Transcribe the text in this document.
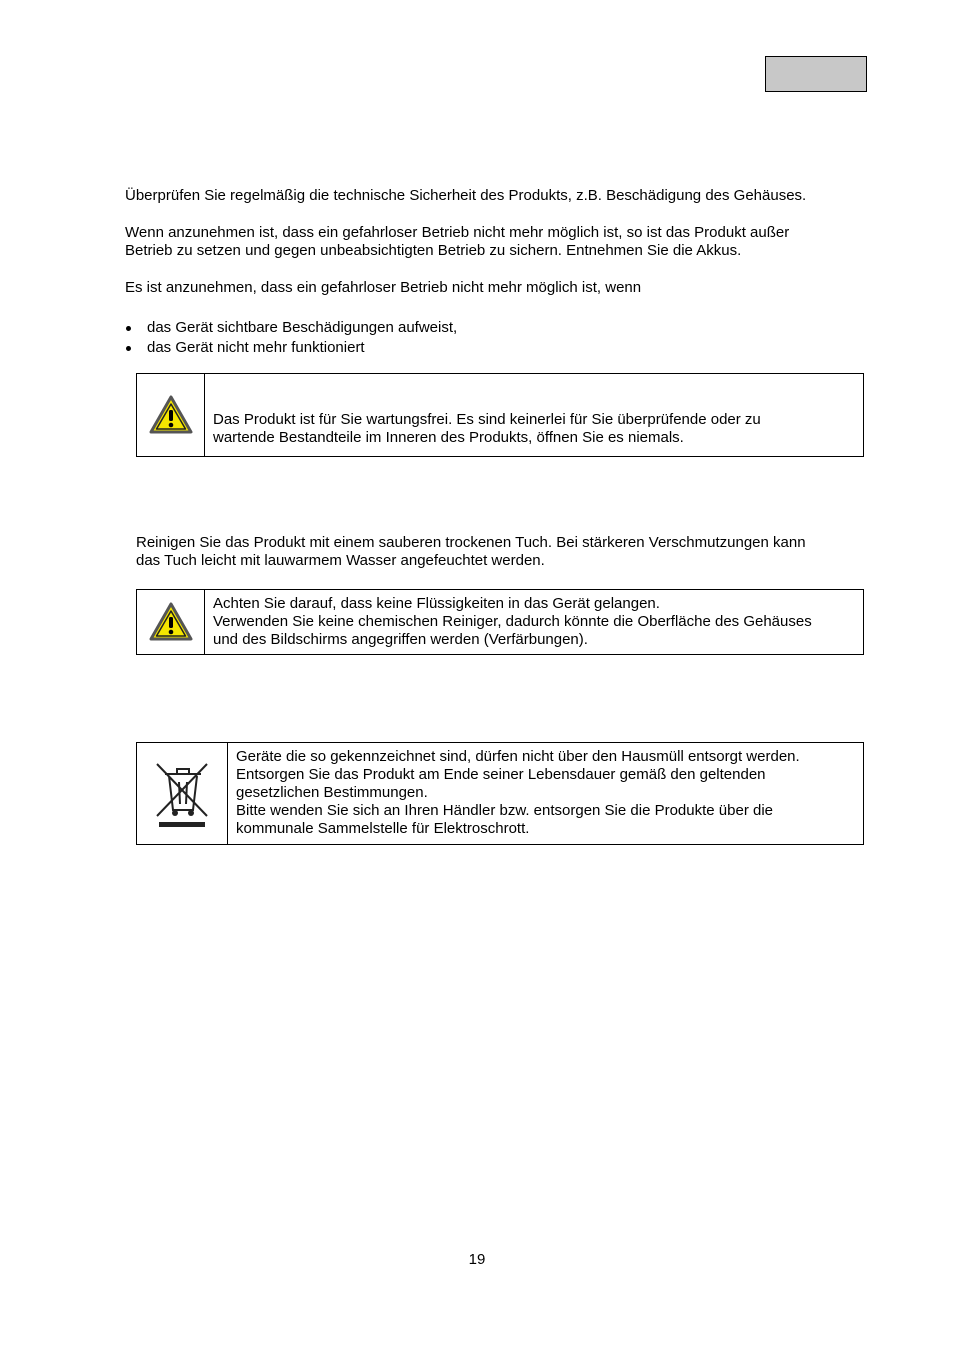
Überprüfen Sie regelmäßig die technische Sicherheit des Produkts, z.B. Beschädigung des Gehäuses.

Wenn anzunehmen ist, dass ein gefahrloser Betrieb nicht mehr möglich ist, so ist das Produkt außer
Betrieb zu setzen und gegen unbeabsichtigten Betrieb zu sichern. Entnehmen Sie die Akkus.

Es ist anzunehmen, dass ein gefahrloser Betrieb nicht mehr möglich ist, wenn

das Gerät sichtbare Beschädigungen aufweist,
das Gerät nicht mehr funktioniert
Das Produkt ist für Sie wartungsfrei. Es sind keinerlei für Sie überprüfende oder zu
wartende Bestandteile im Inneren des Produkts, öffnen Sie es niemals.
Reinigen Sie das Produkt mit einem sauberen trockenen Tuch. Bei stärkeren Verschmutzungen kann
das Tuch leicht mit lauwarmem Wasser angefeuchtet werden.
Achten Sie darauf, dass keine Flüssigkeiten in das Gerät gelangen.
Verwenden Sie keine chemischen Reiniger, dadurch könnte die Oberfläche des Gehäuses
und des Bildschirms angegriffen werden (Verfärbungen).
Geräte die so gekennzeichnet sind, dürfen nicht über den Hausmüll entsorgt werden.
Entsorgen Sie das Produkt am Ende seiner Lebensdauer gemäß den geltenden
gesetzlichen Bestimmungen.
Bitte wenden Sie sich an Ihren Händler bzw. entsorgen Sie die Produkte über die
kommunale Sammelstelle für Elektroschrott.
19
